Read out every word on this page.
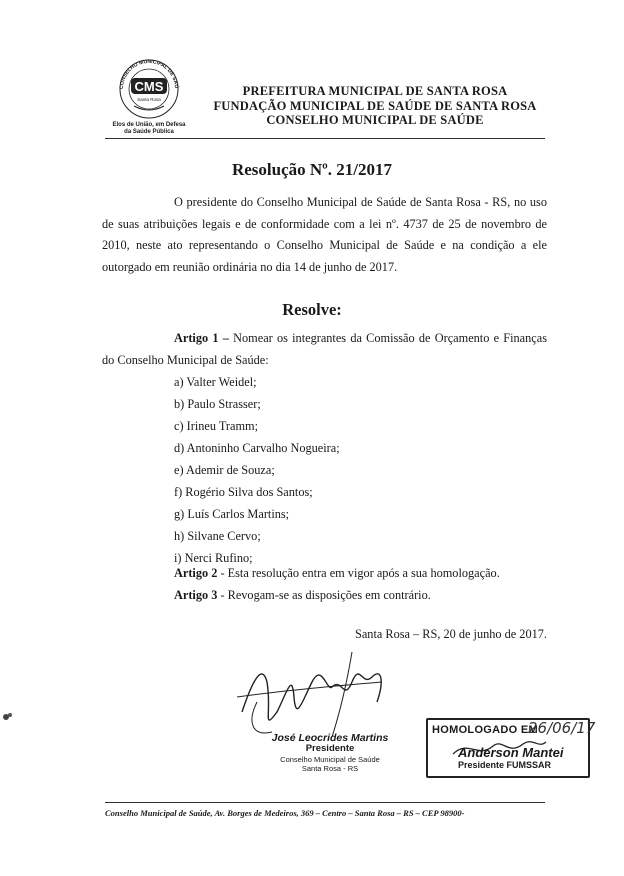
CONSELHO MUNICIPAL DE SAÚ
CMS
Santa Rosa
Elos de União, em Defesa
da Saúde Pública
PREFEITURA MUNICIPAL DE SANTA ROSA
FUNDAÇÃO MUNICIPAL DE SAÚDE DE SANTA ROSA
CONSELHO MUNICIPAL DE SAÚDE
Resolução Nº. 21/2017
O presidente do Conselho Municipal de Saúde de Santa Rosa - RS, no uso de suas atribuições legais e de conformidade com a lei nº. 4737 de 25 de novembro de 2010, neste ato representando o Conselho Municipal de Saúde e na condição a ele outorgado em reunião ordinária no dia 14 de junho de 2017.
Resolve:
Artigo 1 – Nomear os integrantes da Comissão de Orçamento e Finanças do Conselho Municipal de Saúde:
a) Valter Weidel;
b) Paulo Strasser;
c) Irineu Tramm;
d) Antoninho Carvalho Nogueira;
e) Ademir de Souza;
f) Rogério Silva dos Santos;
g) Luís Carlos Martins;
h) Silvane Cervo;
i) Nerci Rufino;
Artigo 2 - Esta resolução entra em vigor após a sua homologação.
Artigo 3 - Revogam-se as disposições em contrário.
Santa Rosa – RS, 20 de junho de 2017.
José Leocrides Martins
Presidente
Conselho Municipal de Saúde
Santa Rosa - RS
HOMOLOGADO EM
26/06/17
Anderson Mantei
Presidente FUMSSAR
Conselho Municipal de Saúde, Av. Borges de Medeiros, 369 – Centro – Santa Rosa – RS – CEP 98900-
